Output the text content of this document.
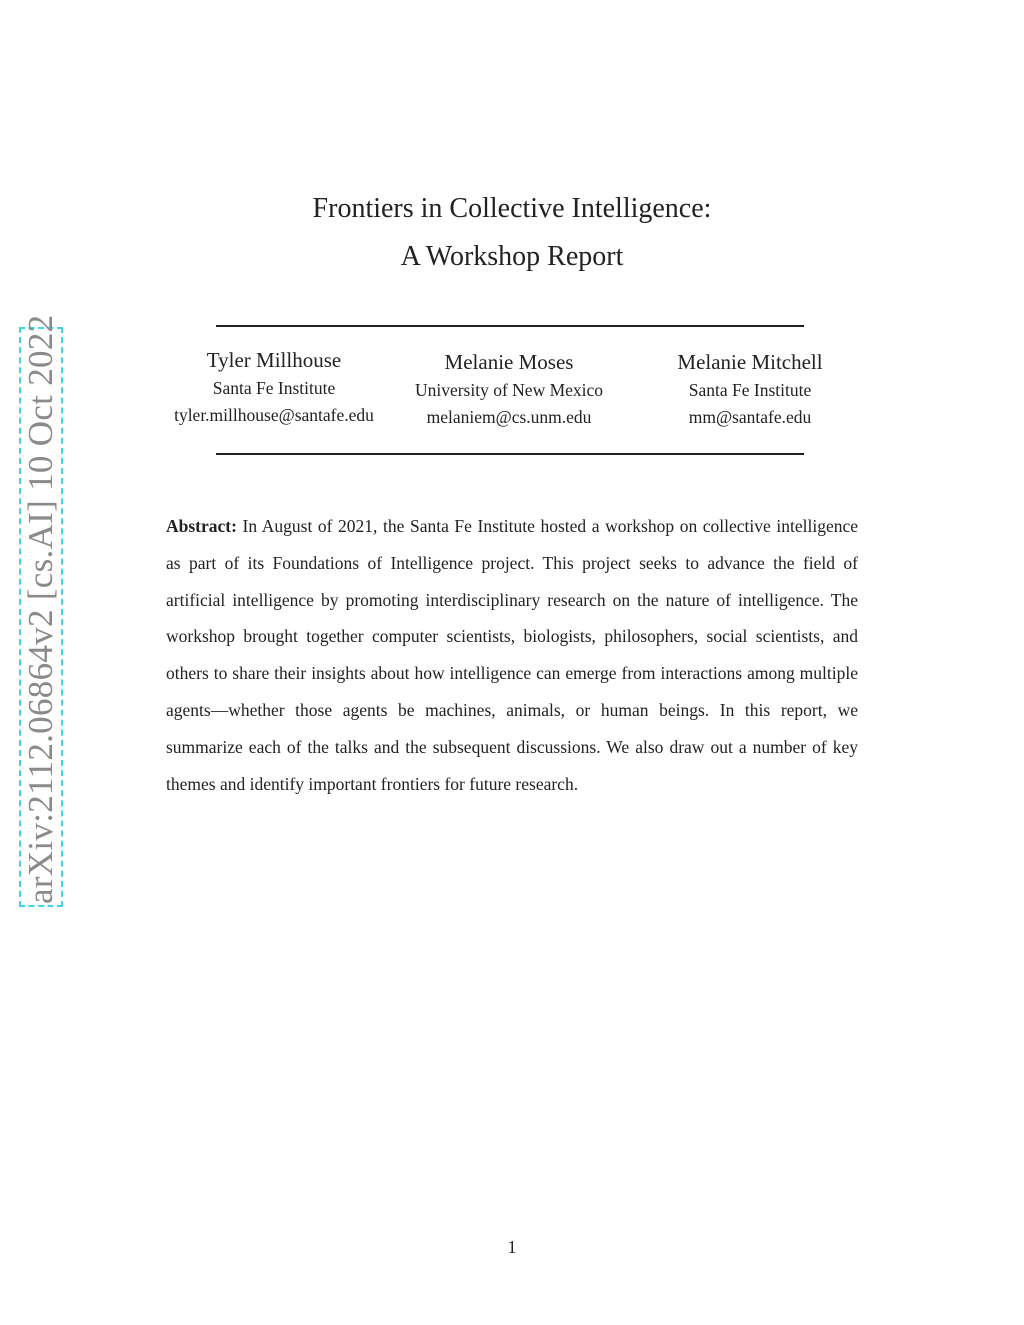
arXiv:2112.06864v2 [cs.AI] 10 Oct 2022
Frontiers in Collective Intelligence:
A Workshop Report
Tyler Millhouse
Santa Fe Institute
tyler.millhouse@santafe.edu
Melanie Moses
University of New Mexico
melaniem@cs.unm.edu
Melanie Mitchell
Santa Fe Institute
mm@santafe.edu
Abstract: In August of 2021, the Santa Fe Institute hosted a workshop on collective intelligence as part of its Foundations of Intelligence project. This project seeks to advance the field of artificial intelligence by promoting interdisciplinary research on the nature of intelligence. The workshop brought together computer scientists, biologists, philosophers, social scientists, and others to share their insights about how intelligence can emerge from interactions among multiple agents—whether those agents be machines, animals, or human beings. In this report, we summarize each of the talks and the subsequent discussions. We also draw out a number of key themes and identify important frontiers for future research.
1
